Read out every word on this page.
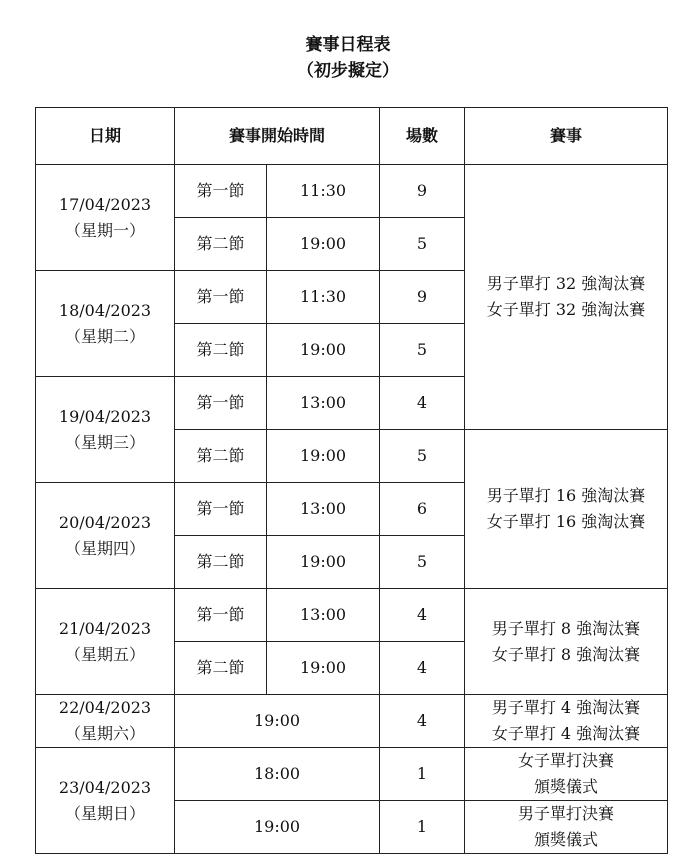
賽事日程表
（初步擬定）
日期	賽事開始時間		場數	賽事

17/04/2023
（星期一）	第一節	11:30	9	男子單打 32 強淘汰賽
女子單打 32 強淘汰賽

	第二節	19:00	5	

18/04/2023
（星期二）	第一節	11:30	9	
	第二節	19:00	5	

19/04/2023
（星期三）	第一節	13:00	4	
	第二節	19:00	5	男子單打 16 強淘汰賽
女子單打 16 強淘汰賽

20/04/2023
（星期四）	第一節	13:00	6	
	第二節	19:00	5	

21/04/2023
（星期五）	第一節	13:00	4	男子單打 8 強淘汰賽
女子單打 8 強淘汰賽

	第二節	19:00	4	

22/04/2023
（星期六）	19:00		4	男子單打 4 強淘汰賽
女子單打 4 強淘汰賽

23/04/2023
（星期日）	18:00		1	女子單打決賽
頒獎儀式

	19:00		1	男子單打決賽
頒獎儀式
